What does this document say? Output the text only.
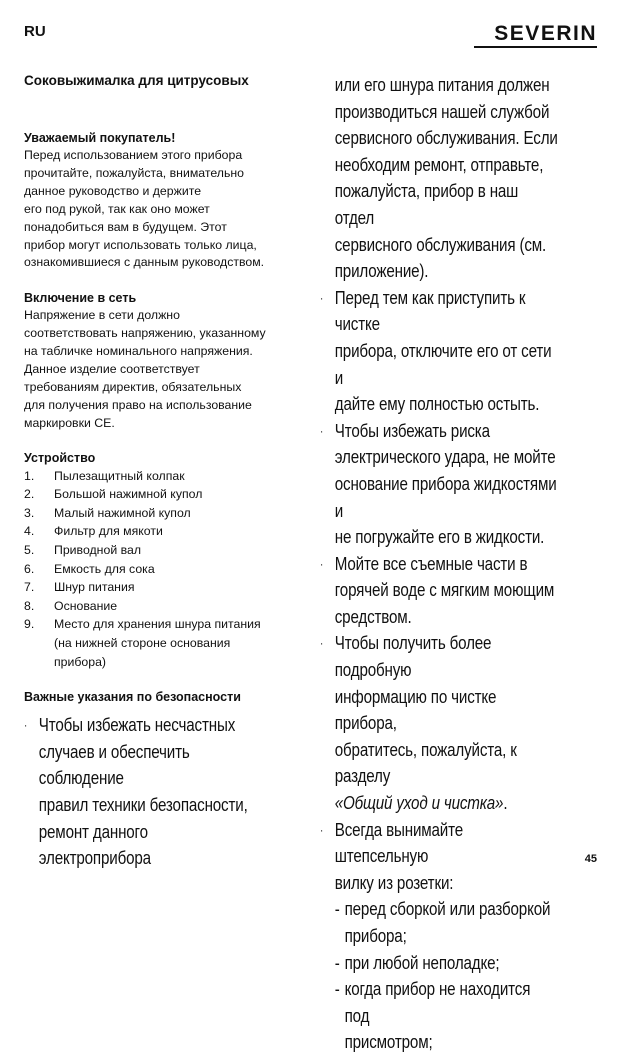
RU	SEVERIN
Соковыжималка для цитрусовых
Уважаемый покупатель!

Перед использованием этого прибора
прочитайте, пожалуйста, внимательно
данное руководство и держите
его под рукой, так как оно может
понадобиться вам в будущем. Этот
прибор могут использовать только лица,
ознакомившиеся с данным руководством.

Включение в сеть

Напряжение в сети должно
соответствовать напряжению, указанному
на табличке номинального напряжения.
Данное изделие соответствует
требованиям директив, обязательных
для получения право на использование
маркировки CE.

Устройство
1.	Пылезащитный колпак
2.	Большой нажимной купол
3.	Малый нажимной купол
4.	Фильтр для мякоти
5.	Приводной вал
6.	Емкость для сока
7.	Шнур питания
8.	Основание
9.	Место для хранения шнура питания
(на нижней стороне основания
прибора)
Важные указания по безопасности
· Чтобы избежать несчастных
случаев и обеспечить соблюдение
правил техники безопасности,
ремонт данного электроприбора
или его шнура питания должен
производиться нашей службой
сервисного обслуживания. Если
необходим ремонт, отправьте,
пожалуйста, прибор в наш отдел
сервисного обслуживания (см.
приложение).
· Перед тем как приступить к чистке
прибора, отключите его от сети и
дайте ему полностью остыть.
· Чтобы избежать риска
электрического удара, не мойте
основание прибора жидкостями и
не погружайте его в жидкости.
· Мойте все съемные части в
горячей воде с мягким моющим
средством.
· Чтобы получить более подробную
информацию по чистке прибора,
обратитесь, пожалуйста, к разделу
«Общий уход и чистка».
· Всегда вынимайте штепсельную
вилку из розетки:
- перед сборкой или разборкой
прибора;
- при любой неполадке;
- когда прибор не находится под
присмотром;
45
